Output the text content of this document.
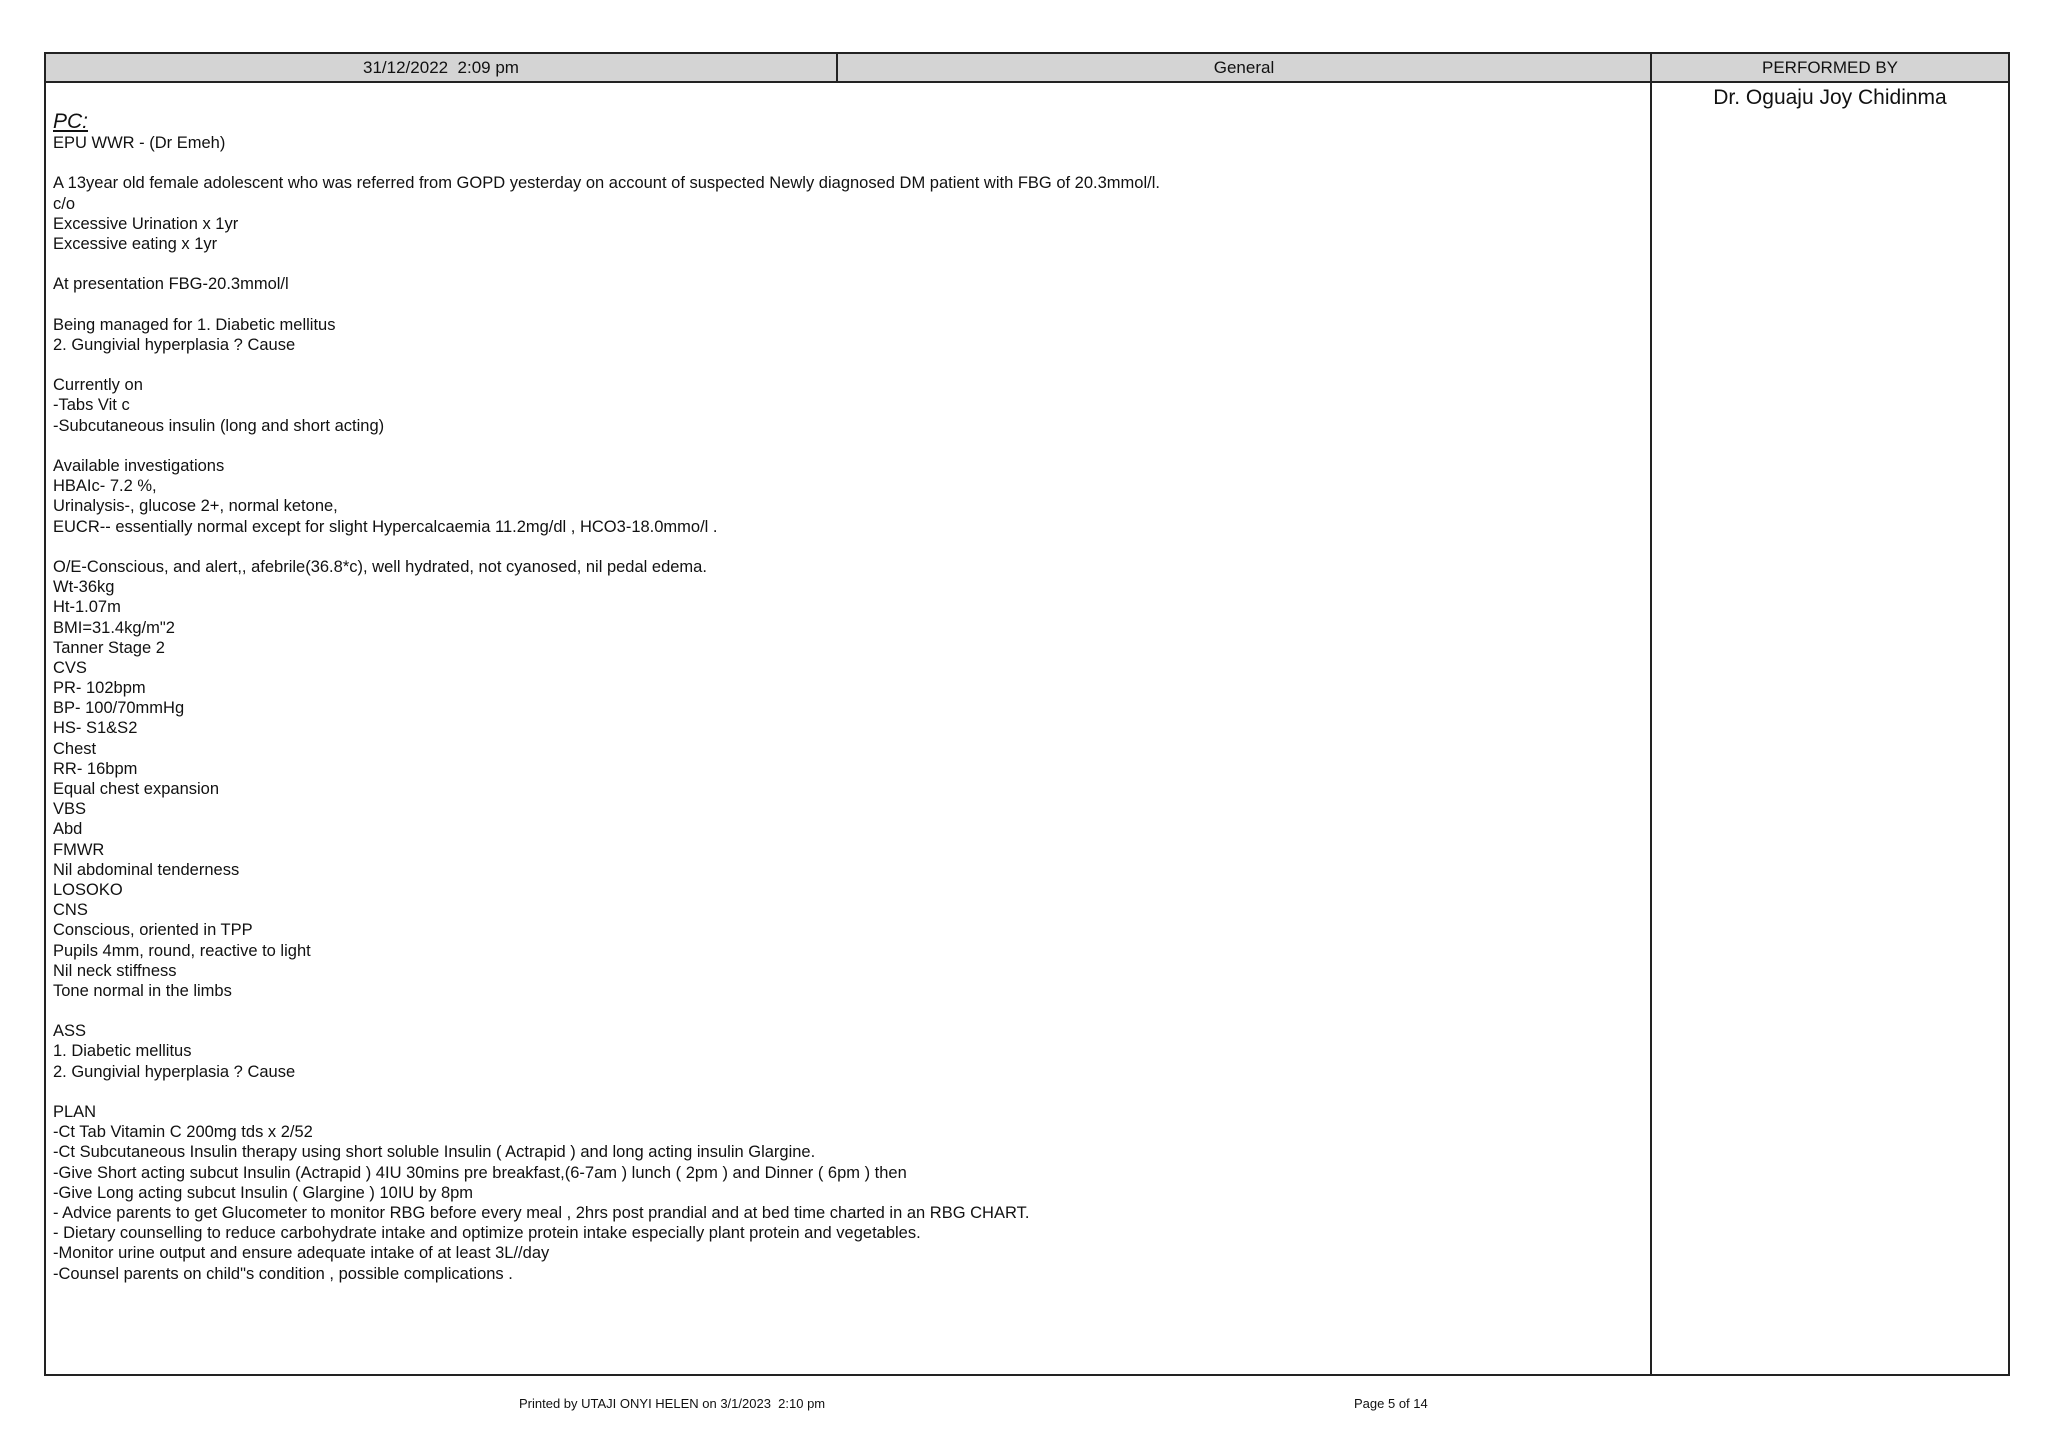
31/12/2022  2:09 pm	General	PERFORMED BY

PC:

EPU WWR - (Dr Emeh)
A 13year old female adolescent who was referred from GOPD yesterday on account of suspected Newly diagnosed DM patient with FBG of 20.3mmol/l.
c/o
Excessive Urination x 1yr
Excessive eating x 1yr
At presentation FBG-20.3mmol/l
Being managed for 1. Diabetic mellitus
2. Gungivial hyperplasia ? Cause
Currently on
-Tabs Vit c
-Subcutaneous insulin (long and short acting)
Available investigations
HBAIc- 7.2 %,
Urinalysis-, glucose 2+, normal ketone,
EUCR-- essentially normal except for slight Hypercalcaemia 11.2mg/dl , HCO3-18.0mmo/l .
O/E-Conscious, and alert,, afebrile(36.8*c), well hydrated, not cyanosed, nil pedal edema.
Wt-36kg
Ht-1.07m
BMI=31.4kg/m"2
Tanner Stage 2
CVS
PR- 102bpm
BP- 100/70mmHg
HS- S1&S2
Chest
RR- 16bpm
Equal chest expansion
VBS
Abd
FMWR
Nil abdominal tenderness
LOSOKO
CNS
Conscious, oriented in TPP
Pupils 4mm, round, reactive to light
Nil neck stiffness
Tone normal in the limbs
ASS
1. Diabetic mellitus
2. Gungivial hyperplasia ? Cause
PLAN
-Ct Tab Vitamin C 200mg tds x 2/52
-Ct Subcutaneous Insulin therapy using short soluble Insulin ( Actrapid ) and long acting insulin Glargine.
-Give Short acting subcut Insulin (Actrapid ) 4IU 30mins pre breakfast,(6-7am ) lunch ( 2pm ) and Dinner ( 6pm ) then
-Give Long acting subcut Insulin ( Glargine ) 10IU by 8pm
- Advice parents to get Glucometer to monitor RBG before every meal , 2hrs post prandial and at bed time charted in an RBG CHART.
- Dietary counselling to reduce carbohydrate intake and optimize protein intake especially plant protein and vegetables.
-Monitor urine output and ensure adequate intake of at least 3L//day
-Counsel parents on child"s condition , possible complications .
Dr. Oguaju Joy Chidinma
Printed by UTAJI ONYI HELEN on 3/1/2023  2:10 pm	Page 5 of 14
